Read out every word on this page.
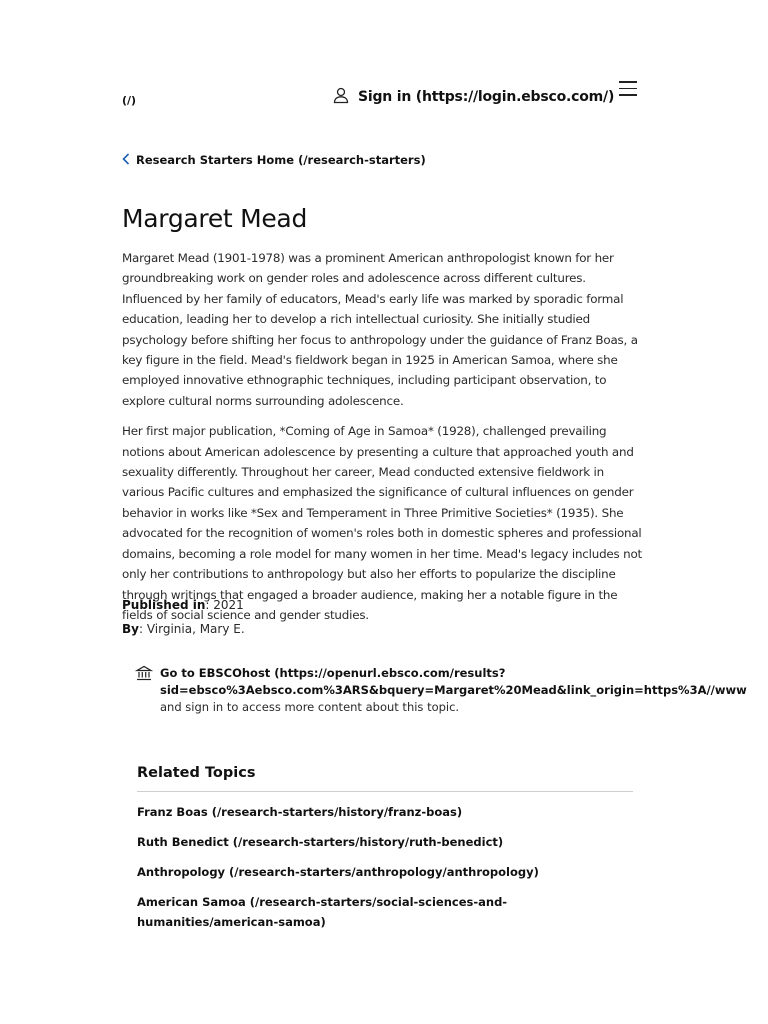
(/)	Sign in (https://login.ebsco.com/)
Research Starters Home (/research-starters)
Margaret Mead

Margaret Mead (1901-1978) was a prominent American anthropologist known for her groundbreaking work on gender roles and adolescence across different cultures. Influenced by her family of educators, Mead's early life was marked by sporadic formal education, leading her to develop a rich intellectual curiosity. She initially studied psychology before shifting her focus to anthropology under the guidance of Franz Boas, a key figure in the field. Mead's fieldwork began in 1925 in American Samoa, where she employed innovative ethnographic techniques, including participant observation, to explore cultural norms surrounding adolescence.

Her first major publication, *Coming of Age in Samoa* (1928), challenged prevailing notions about American adolescence by presenting a culture that approached youth and sexuality differently. Throughout her career, Mead conducted extensive fieldwork in various Pacific cultures and emphasized the significance of cultural influences on gender behavior in works like *Sex and Temperament in Three Primitive Societies* (1935). She advocated for the recognition of women's roles both in domestic spheres and professional domains, becoming a role model for many women in her time. Mead's legacy includes not only her contributions to anthropology but also her efforts to popularize the discipline through writings that engaged a broader audience, making her a notable figure in the fields of social science and gender studies.

Published in: 2021
By: Virginia, Mary E.
Go to EBSCOhost (https://openurl.ebsco.com/results?
sid=ebsco%3Aebsco.com%3ARS&bquery=Margaret%20Mead&link_origin=https%3A//www
and sign in to access more content about this topic.
Related Topics
Franz Boas (/research-starters/history/franz-boas)
Ruth Benedict (/research-starters/history/ruth-benedict)
Anthropology (/research-starters/anthropology/anthropology)
American Samoa (/research-starters/social-sciences-and-humanities/american-samoa)
